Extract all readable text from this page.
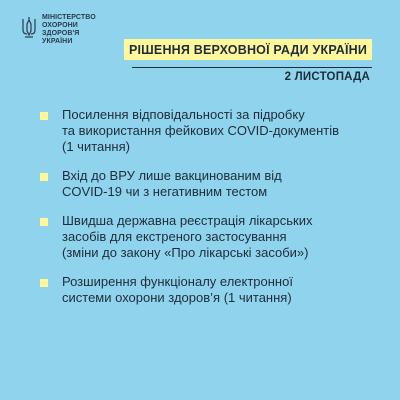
МІНІСТЕРСТВО
ОХОРОНИ
ЗДОРОВ'Я
УКРАЇНИ
РІШЕННЯ ВЕРХОВНОЇ РАДИ УКРАЇНИ
2 ЛИСТОПАДА
Посилення відповідальності за підробку
та використання фейкових COVID-документів
(1 читання)
Вхід до ВРУ лише вакцинованим від
COVID-19 чи з негативним тестом
Швидша державна реєстрація лікарських
засобів для екстреного застосування
(зміни до закону «Про лікарські засоби»)
Розширення функціоналу електронної
системи охорони здоров’я (1 читання)
